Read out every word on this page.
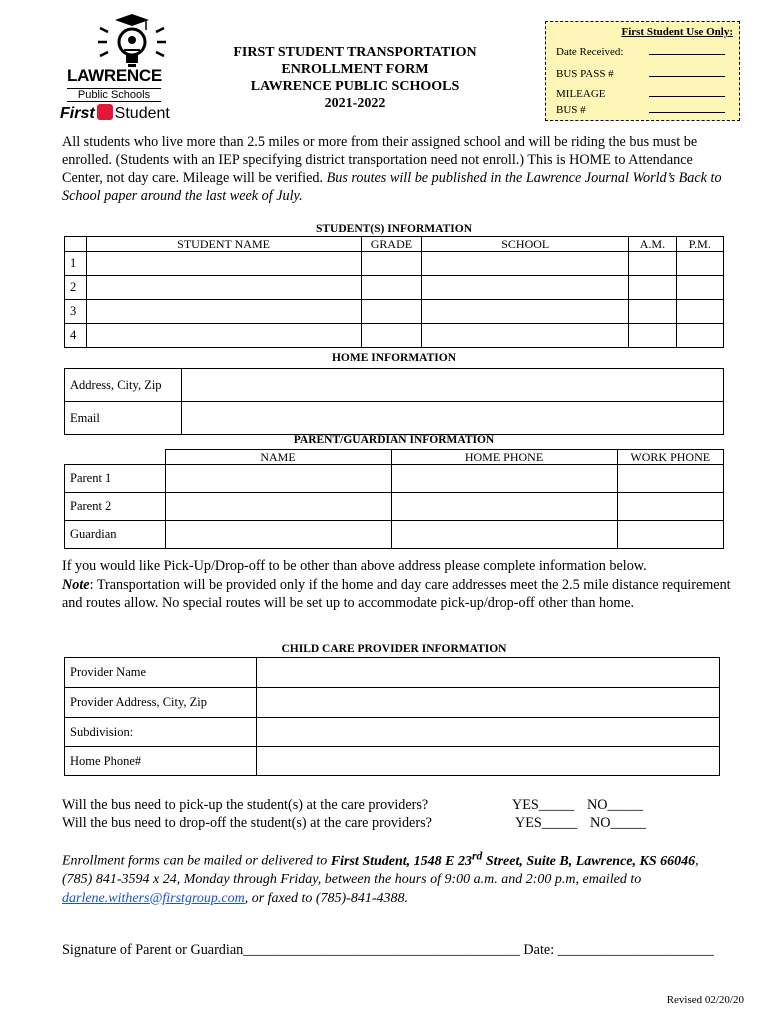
LAWRENCE
Public Schools
First Student
FIRST STUDENT TRANSPORTATION
ENROLLMENT FORM
LAWRENCE PUBLIC SCHOOLS
2021-2022
First Student Use Only:
Date Received:
BUS PASS #
MILEAGE
BUS #
All students who live more than 2.5 miles or more from their assigned school and will be riding the bus must be enrolled. (Students with an IEP specifying district transportation need not enroll.) This is HOME to Attendance Center, not day care. Mileage will be verified. Bus routes will be published in the Lawrence Journal World’s Back to School paper around the last week of July.
STUDENT(S) INFORMATION
	STUDENT NAME	GRADE	SCHOOL	A.M.	P.M.
1					
2					
3					
4					
HOME INFORMATION
Address, City, Zip	
Email	
PARENT/GUARDIAN INFORMATION
	NAME	HOME PHONE	WORK PHONE
Parent 1			
Parent 2			
Guardian			
If you would like Pick-Up/Drop-off to be other than above address please complete information below.
Note: Transportation will be provided only if the home and day care addresses meet the 2.5 mile distance requirement and routes allow. No special routes will be set up to accommodate pick-up/drop-off other than home.
CHILD CARE PROVIDER INFORMATION
Provider Name	
Provider Address, City, Zip	
Subdivision:	
Home Phone#	
Will the bus need to pick-up the student(s) at the care providers?	YES_____ NO_____
Will the bus need to drop-off the student(s) at the care providers?	YES_____ NO_____
Enrollment forms can be mailed or delivered to First Student, 1548 E 23rd Street, Suite B, Lawrence, KS 66046, (785) 841-3594 x 24, Monday through Friday, between the hours of 9:00 a.m. and 2:00 p.m, emailed to darlene.withers@firstgroup.com, or faxed to (785)-841-4388.
Signature of Parent or Guardian_______________________________________ Date: ______________________
Revised 02/20/20
